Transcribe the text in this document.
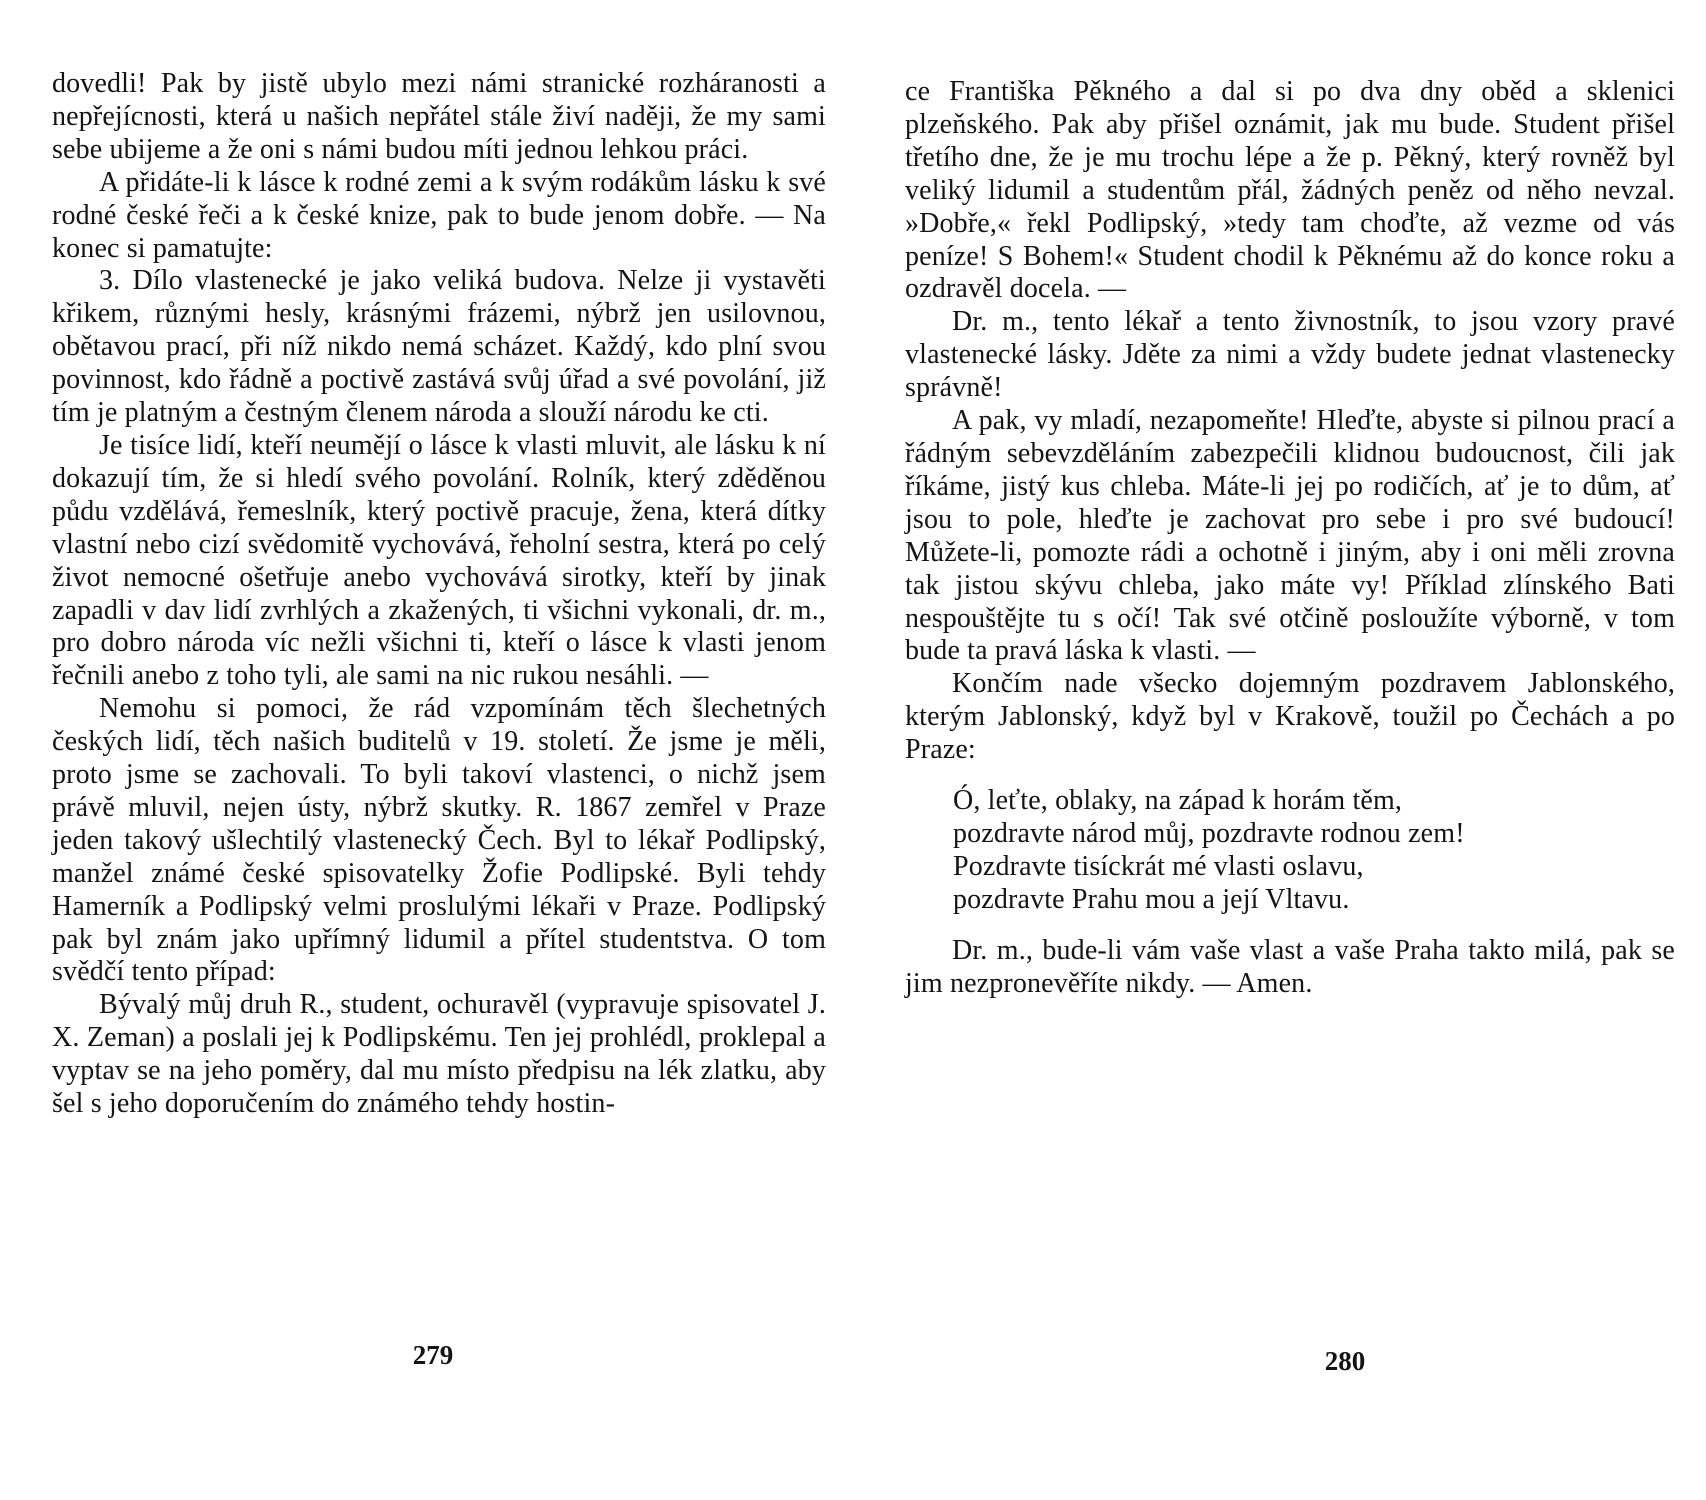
dovedli! Pak by jistě ubylo mezi námi stranické rozháranosti a nepřejícnosti, která u našich nepřátel stále živí naději, že my sami sebe ubijeme a že oni s námi budou míti jednou lehkou práci.

A přidáte-li k lásce k rodné zemi a k svým rodákům lásku k své rodné české řeči a k české knize, pak to bude jenom dobře. — Na konec si pamatujte:

3. Dílo vlastenecké je jako veliká budova. Nelze ji vystavěti křikem, různými hesly, krásnými frázemi, nýbrž jen usilovnou, obětavou prací, při níž nikdo nemá scházet. Každý, kdo plní svou povinnost, kdo řádně a poctivě zastává svůj úřad a své povolání, již tím je platným a čestným členem národa a slouží národu ke cti.

Je tisíce lidí, kteří neumějí o lásce k vlasti mluvit, ale lásku k ní dokazují tím, že si hledí svého povolání. Rolník, který zděděnou půdu vzdělává, řemeslník, který poctivě pracuje, žena, která dítky vlastní nebo cizí svědomitě vychovává, řeholní sestra, která po celý život nemocné ošetřuje anebo vychovává sirotky, kteří by jinak zapadli v dav lidí zvrhlých a zkažených, ti všichni vykonali, dr. m., pro dobro národa víc nežli všichni ti, kteří o lásce k vlasti jenom řečnili anebo z toho tyli, ale sami na nic rukou nesáhli. —

Nemohu si pomoci, že rád vzpomínám těch šlechetných českých lidí, těch našich buditelů v 19. století. Že jsme je měli, proto jsme se zachovali. To byli takoví vlastenci, o nichž jsem právě mluvil, nejen ústy, nýbrž skutky. R. 1867 zemřel v Praze jeden takový ušlechtilý vlastenecký Čech. Byl to lékař Podlipský, manžel známé české spisovatelky Žofie Podlipské. Byli tehdy Hamerník a Podlipský velmi proslulými lékaři v Praze. Podlipský pak byl znám jako upřímný lidumil a přítel studentstva. O tom svědčí tento případ:

Bývalý můj druh R., student, ochuravěl (vypravuje spisovatel J. X. Zeman) a poslali jej k Podlipskému. Ten jej prohlédl, proklepal a vyptav se na jeho poměry, dal mu místo předpisu na lék zlatku, aby šel s jeho doporučením do známého tehdy hostin-

279

ce Františka Pěkného a dal si po dva dny oběd a sklenici plzeňského. Pak aby přišel oznámit, jak mu bude. Student přišel třetího dne, že je mu trochu lépe a že p. Pěkný, který rovněž byl veliký lidumil a studentům přál, žádných peněz od něho nevzal. »Dobře,« řekl Podlipský, »tedy tam choďte, až vezme od vás peníze! S Bohem!« Student chodil k Pěknému až do konce roku a ozdravěl docela. —

Dr. m., tento lékař a tento živnostník, to jsou vzory pravé vlastenecké lásky. Jděte za nimi a vždy budete jednat vlastenecky správně!

A pak, vy mladí, nezapomeňte! Hleďte, abyste si pilnou prací a řádným sebevzděláním zabezpečili klidnou budoucnost, čili jak říkáme, jistý kus chleba. Máte-li jej po rodičích, ať je to dům, ať jsou to pole, hleďte je zachovat pro sebe i pro své budoucí! Můžete-li, pomozte rádi a ochotně i jiným, aby i oni měli zrovna tak jistou skývu chleba, jako máte vy! Příklad zlínského Bati nespouštějte tu s očí! Tak své otčině posloužíte výborně, v tom bude ta pravá láska k vlasti. —

Končím nade všecko dojemným pozdravem Jablonského, kterým Jablonský, když byl v Krakově, toužil po Čechách a po Praze:

Ó, leťte, oblaky, na západ k horám těm,
pozdravte národ můj, pozdravte rodnou zem!
Pozdravte tisíckrát mé vlasti oslavu,
pozdravte Prahu mou a její Vltavu.

Dr. m., bude-li vám vaše vlast a vaše Praha takto milá, pak se jim nezpronevěříte nikdy. — Amen.

280
